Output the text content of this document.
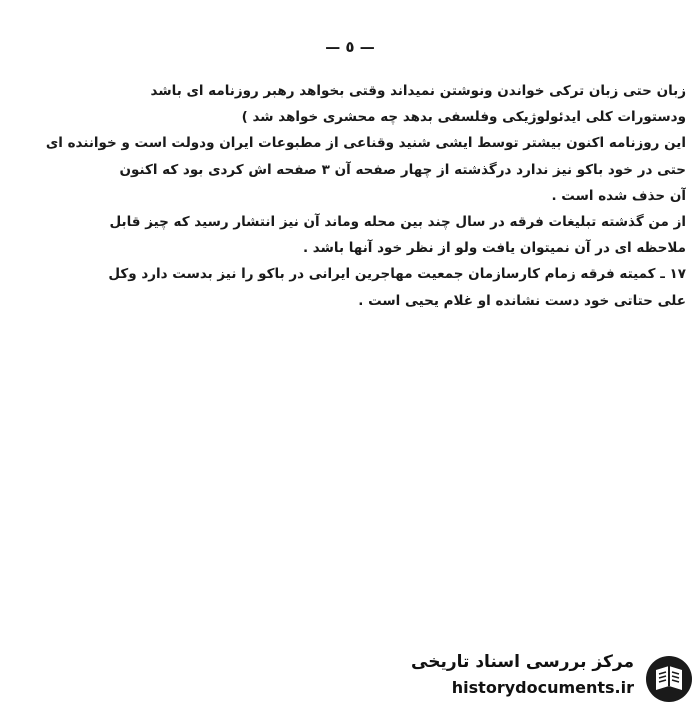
— ٥ —
زبان حتی زبان ترکی خواندن ونوشتن نمیداند وقتی بخواهد رهبر روزنامه ای باشد
ودستورات کلی ایدئولوژیکی وفلسفی بدهد چه محشری خواهد شد )
این روزنامه اکنون بیشتر توسط ایشی شنید وقناعی از مطبوعات ایران ودولت است و خواننده ای
حتی در خود باکو نیز ندارد درگذشته از چهار صفحه آن ۳ صفحه اش کردی بود که اکنون
آن حذف شده است .
از من گذشته تبلیغات فرقه در سال چند بین محله وماند آن نیز انتشار رسید که چیز قابل
ملاحظه ای در آن نمیتوان یافت ولو از نظر خود آنها باشد .
۱۷ ـ کمیته فرقه زمام کارسازمان جمعیت مهاجرین ایرانی در باکو را نیز بدست دارد وکل
علی حتاتی خود دست نشانده او غلام یحیی است .
مرکز بررسی اسناد تاریخی
historydocuments.ir
